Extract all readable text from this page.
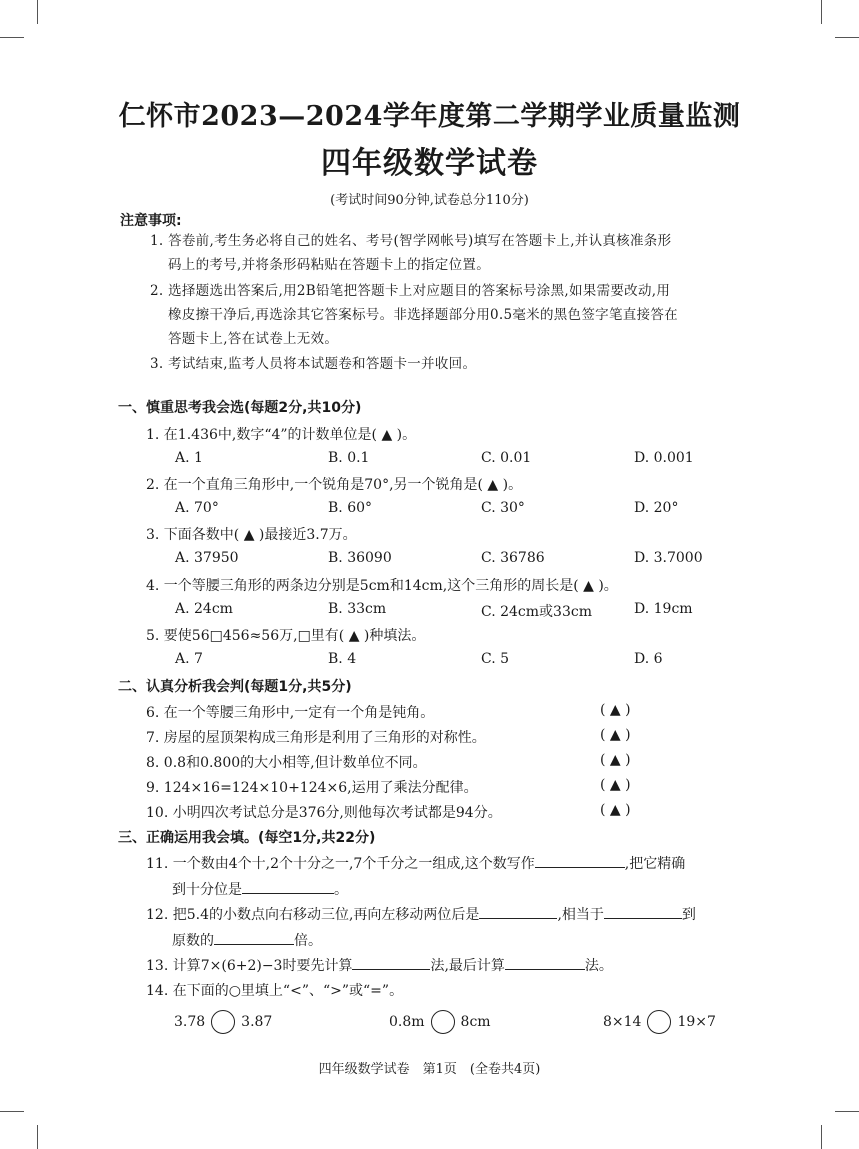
仁怀市2023—2024学年度第二学期学业质量监测
四年级数学试卷
(考试时间90分钟,试卷总分110分)
注意事项:
1. 答卷前,考生务必将自己的姓名、考号(智学网帐号)填写在答题卡上,并认真核准条形
码上的考号,并将条形码粘贴在答题卡上的指定位置。
2. 选择题选出答案后,用2B铅笔把答题卡上对应题目的答案标号涂黑,如果需要改动,用
橡皮擦干净后,再选涂其它答案标号。非选择题部分用0.5毫米的黑色签字笔直接答在
答题卡上,答在试卷上无效。
3. 考试结束,监考人员将本试题卷和答题卡一并收回。
一、慎重思考我会选(每题2分,共10分)
1. 在1.436中,数字“4”的计数单位是( ▲ )。
A. 1	B. 0.1	C. 0.01	D. 0.001
2. 在一个直角三角形中,一个锐角是70°,另一个锐角是( ▲ )。
A. 70°	B. 60°	C. 30°	D. 20°
3. 下面各数中( ▲ )最接近3.7万。
A. 37950	B. 36090	C. 36786	D. 3.7000
4. 一个等腰三角形的两条边分别是5cm和14cm,这个三角形的周长是( ▲ )。
A. 24cm	B. 33cm	C. 24cm或33cm	D. 19cm
5. 要使56□456≈56万,□里有( ▲ )种填法。
A. 7	B. 4	C. 5	D. 6
二、认真分析我会判(每题1分,共5分)
6. 在一个等腰三角形中,一定有一个角是钝角。	( ▲ )
7. 房屋的屋顶架构成三角形是利用了三角形的对称性。	( ▲ )
8. 0.8和0.800的大小相等,但计数单位不同。	( ▲ )
9. 124×16=124×10+124×6,运用了乘法分配律。	( ▲ )
10. 小明四次考试总分是376分,则他每次考试都是94分。	( ▲ )
三、正确运用我会填。(每空1分,共22分)
11. 一个数由4个十,2个十分之一,7个千分之一组成,这个数写作	,把它精确
到十分位是	。
12. 把5.4的小数点向右移动三位,再向左移动两位后是	,相当于	到
原数的	倍。
13. 计算7×(6+2)−3时要先计算	法,最后计算	法。
14. 在下面的○里填上“<”、“>”或“=”。
3.78	3.87	0.8m	8cm	8×14	19×7
四年级数学试卷　第1页　(全卷共4页)
